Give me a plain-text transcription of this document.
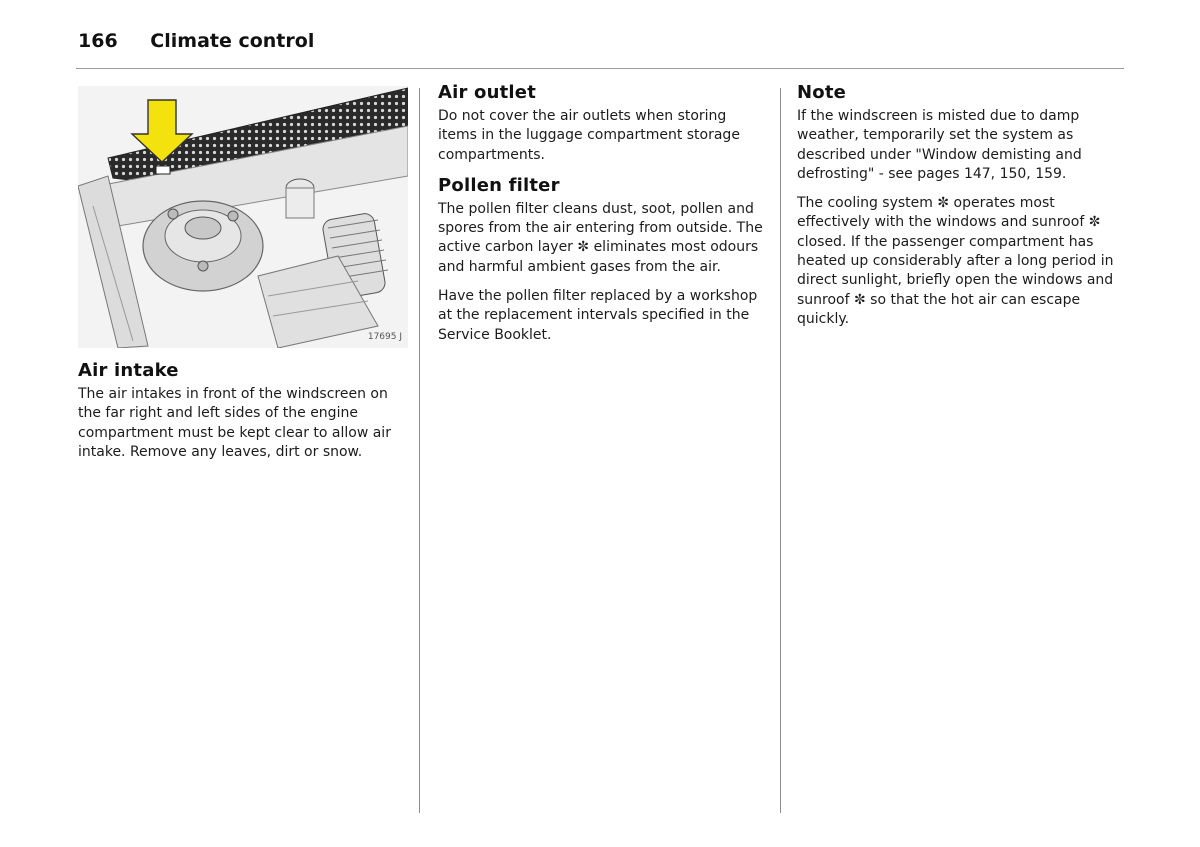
166 Climate control
17695 J
Air intake

The air intakes in front of the windscreen on the far right and left sides of the engine compartment must be kept clear to allow air intake. Remove any leaves, dirt or snow.

Air outlet

Do not cover the air outlets when storing items in the luggage compartment storage compartments.

Pollen filter

The pollen filter cleans dust, soot, pollen and spores from the air entering from outside. The active carbon layer ✼ eliminates most odours and harmful ambient gases from the air.

Have the pollen filter replaced by a workshop at the replacement intervals specified in the Service Booklet.

Note

If the windscreen is misted due to damp weather, temporarily set the system as described under "Window demisting and defrosting" - see pages 147, 150, 159.

The cooling system ✼ operates most effectively with the windows and sunroof ✼ closed. If the passenger compartment has heated up considerably after a long period in direct sunlight, briefly open the windows and sunroof ✼ so that the hot air can escape quickly.
